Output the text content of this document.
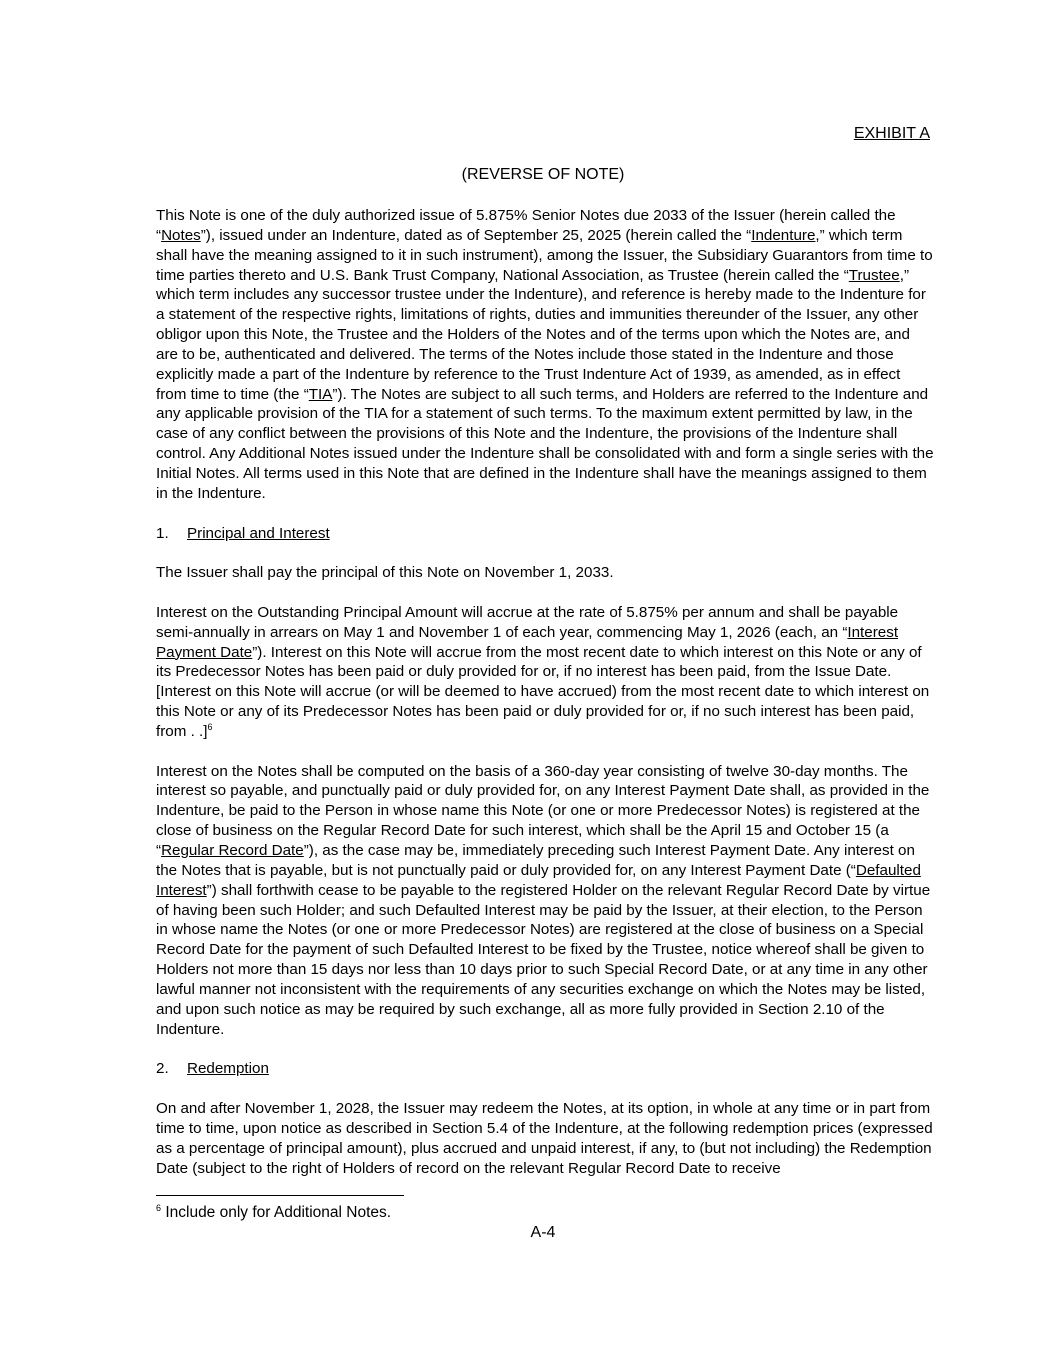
EXHIBIT A
(REVERSE OF NOTE)

This Note is one of the duly authorized issue of 5.875% Senior Notes due 2033 of the Issuer (herein called the “Notes”), issued under an Indenture, dated as of September 25, 2025 (herein called the “Indenture,” which term shall have the meaning assigned to it in such instrument), among the Issuer, the Subsidiary Guarantors from time to time parties thereto and U.S. Bank Trust Company, National Association, as Trustee (herein called the “Trustee,” which term includes any successor trustee under the Indenture), and reference is hereby made to the Indenture for a statement of the respective rights, limitations of rights, duties and immunities thereunder of the Issuer, any other obligor upon this Note, the Trustee and the Holders of the Notes and of the terms upon which the Notes are, and are to be, authenticated and delivered. The terms of the Notes include those stated in the Indenture and those explicitly made a part of the Indenture by reference to the Trust Indenture Act of 1939, as amended, as in effect from time to time (the “TIA”). The Notes are subject to all such terms, and Holders are referred to the Indenture and any applicable provision of the TIA for a statement of such terms. To the maximum extent permitted by law, in the case of any conflict between the provisions of this Note and the Indenture, the provisions of the Indenture shall control. Any Additional Notes issued under the Indenture shall be consolidated with and form a single series with the Initial Notes. All terms used in this Note that are defined in the Indenture shall have the meanings assigned to them in the Indenture.

1. Principal and Interest

The Issuer shall pay the principal of this Note on November 1, 2033.

Interest on the Outstanding Principal Amount will accrue at the rate of 5.875% per annum and shall be payable semi-annually in arrears on May 1 and November 1 of each year, commencing May 1, 2026 (each, an “Interest Payment Date”). Interest on this Note will accrue from the most recent date to which interest on this Note or any of its Predecessor Notes has been paid or duly provided for or, if no interest has been paid, from the Issue Date. [Interest on this Note will accrue (or will be deemed to have accrued) from the most recent date to which interest on this Note or any of its Predecessor Notes has been paid or duly provided for or, if no such interest has been paid, from . .]$^6$

Interest on the Notes shall be computed on the basis of a 360-day year consisting of twelve 30-day months. The interest so payable, and punctually paid or duly provided for, on any Interest Payment Date shall, as provided in the Indenture, be paid to the Person in whose name this Note (or one or more Predecessor Notes) is registered at the close of business on the Regular Record Date for such interest, which shall be the April 15 and October 15 (a “Regular Record Date”), as the case may be, immediately preceding such Interest Payment Date. Any interest on the Notes that is payable, but is not punctually paid or duly provided for, on any Interest Payment Date (“Defaulted Interest”) shall forthwith cease to be payable to the registered Holder on the relevant Regular Record Date by virtue of having been such Holder; and such Defaulted Interest may be paid by the Issuer, at their election, to the Person in whose name the Notes (or one or more Predecessor Notes) are registered at the close of business on a Special Record Date for the payment of such Defaulted Interest to be fixed by the Trustee, notice whereof shall be given to Holders not more than 15 days nor less than 10 days prior to such Special Record Date, or at any time in any other lawful manner not inconsistent with the requirements of any securities exchange on which the Notes may be listed, and upon such notice as may be required by such exchange, all as more fully provided in Section 2.10 of the Indenture.

2. Redemption

On and after November 1, 2028, the Issuer may redeem the Notes, at its option, in whole at any time or in part from time to time, upon notice as described in Section 5.4 of the Indenture, at the following redemption prices (expressed as a percentage of principal amount), plus accrued and unpaid interest, if any, to (but not including) the Redemption Date (subject to the right of Holders of record on the relevant Regular Record Date to receive

$^6$ Include only for Additional Notes.
A-4
